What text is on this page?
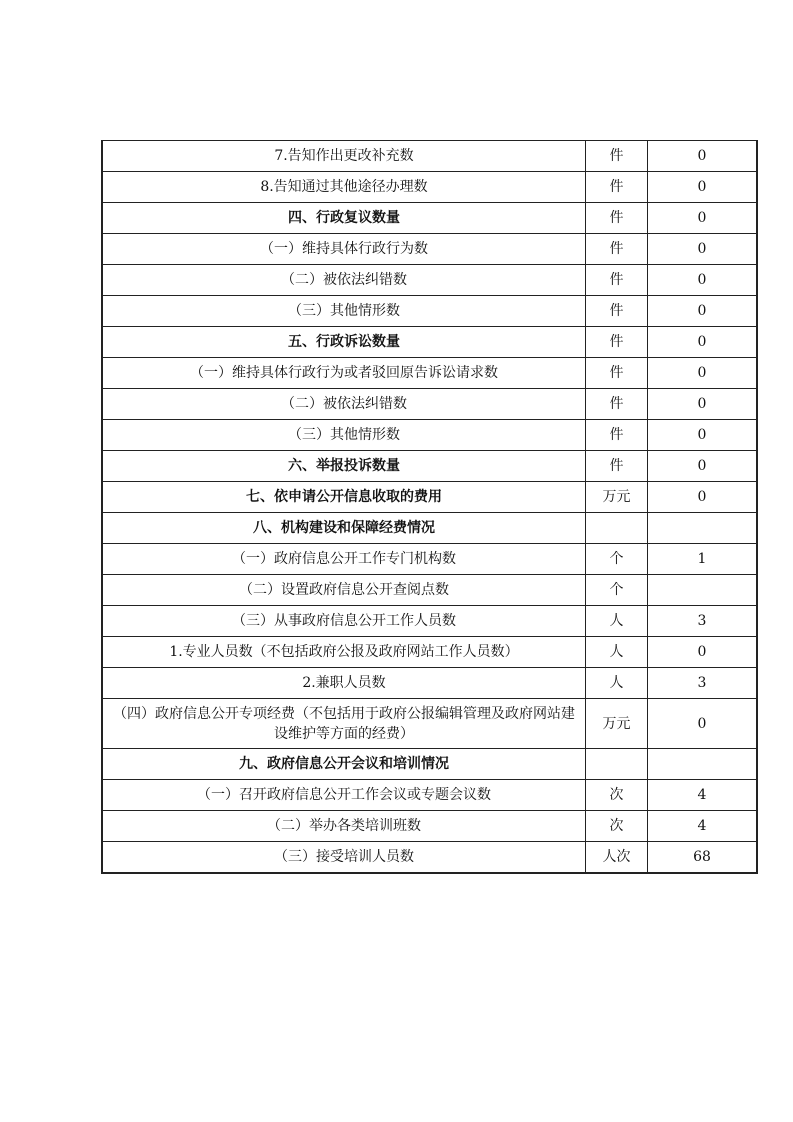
7.告知作出更改补充数	件	0
8.告知通过其他途径办理数	件	0
四、行政复议数量	件	0
（一）维持具体行政行为数	件	0
（二）被依法纠错数	件	0
（三）其他情形数	件	0
五、行政诉讼数量	件	0
（一）维持具体行政行为或者驳回原告诉讼请求数	件	0
（二）被依法纠错数	件	0
（三）其他情形数	件	0
六、举报投诉数量	件	0
七、依申请公开信息收取的费用	万元	0
八、机构建设和保障经费情况		
（一）政府信息公开工作专门机构数	个	1
（二）设置政府信息公开查阅点数	个	
（三）从事政府信息公开工作人员数	人	3
1.专业人员数（不包括政府公报及政府网站工作人员数）	人	0
2.兼职人员数	人	3
（四）政府信息公开专项经费（不包括用于政府公报编辑管理及政府网站建设维护等方面的经费）	万元	0
九、政府信息公开会议和培训情况		
（一）召开政府信息公开工作会议或专题会议数	次	4
（二）举办各类培训班数	次	4
（三）接受培训人员数	人次	68
